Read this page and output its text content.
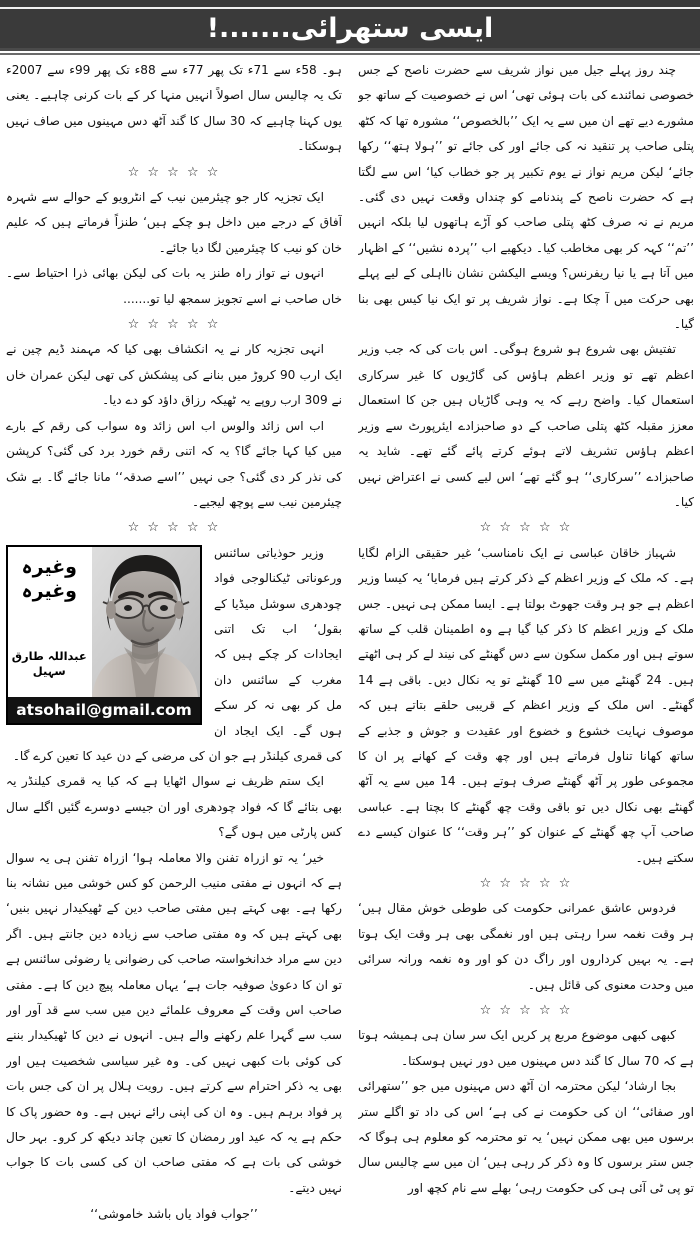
ایسی ستھرائی.......!

چند روز پہلے جیل میں نواز شریف سے حضرت ناصح کے جس خصوصی نمائندے کی بات ہوئی تھی‘ اس نے خصوصیت کے ساتھ جو مشورے دیے تھے ان میں سے یہ ایک ’’بالخصوص‘‘ مشورہ تھا کہ کٹھ پتلی صاحب پر تنقید نہ کی جائے اور کی جائے تو ’’ہولا ہتھ‘‘ رکھا جائے‘ لیکن مریم نواز نے یوم تکبیر پر جو خطاب کیا‘ اس سے لگتا ہے کہ حضرت ناصح کے پندنامے کو چنداں وقعت نہیں دی گئی۔ مریم نے نہ صرف کٹھ پتلی صاحب کو آڑے ہاتھوں لیا بلکہ انہیں ’’تم‘‘ کہہ کر بھی مخاطب کیا۔ دیکھیے اب ’’پردہ نشیں‘‘ کے اظہار میں آتا ہے یا نیا ریفرنس؟ ویسے الیکشن نشان نااہلی کے لیے پہلے بھی حرکت میں آ چکا ہے۔ نواز شریف پر تو ایک نیا کیس بھی بنا گیا۔

تفتیش بھی شروع ہو شروع ہوگی۔ اس بات کی کہ جب وزیر اعظم تھے تو وزیر اعظم ہاؤس کی گاڑیوں کا غیر سرکاری استعمال کیا۔ واضح رہے کہ یہ وہی گاڑیاں ہیں جن کا استعمال معزز مقبلہ کٹھ پتلی صاحب کے دو صاحبزادے ایئرپورٹ سے وزیر اعظم ہاؤس تشریف لاتے ہوئے کرتے پائے گئے تھے۔ شاید یہ صاحبزادے ’’سرکاری‘‘ ہو گئے تھے‘ اس لیے کسی نے اعتراض نہیں کیا۔

☆ ☆ ☆ ☆ ☆

شہباز خاقان عباسی نے ایک نامناسب‘ غیر حقیقی الزام لگایا ہے۔ کہ ملک کے وزیر اعظم کے ذکر کرتے ہیں فرمایا‘ یہ کیسا وزیر اعظم ہے جو ہر وقت جھوٹ بولتا ہے۔ ایسا ممکن ہی نہیں۔ جس ملک کے وزیر اعظم کا ذکر کیا گیا ہے وہ اطمینان قلب کے ساتھ سوتے ہیں اور مکمل سکون سے دس گھنٹے کی نیند لے کر ہی اٹھتے ہیں۔ 24 گھنٹے میں سے 10 گھنٹے تو یہ نکال دیں۔ باقی ہے 14 گھنٹے۔ اس ملک کے وزیر اعظم کے قریبی حلقے بتاتے ہیں کہ موصوف نہایت خشوع و خضوع اور عقیدت و جوش و جذبے کے ساتھ کھانا تناول فرماتے ہیں اور چھ وقت کے کھانے پر ان کا مجموعی طور پر آٹھ گھنٹے صرف ہوتے ہیں۔ 14 میں سے یہ آٹھ گھنٹے بھی نکال دیں تو باقی وقت چھ گھنٹے کا بچتا ہے۔ عباسی صاحب آپ چھ گھنٹے کے عنوان کو ’’ہر وقت‘‘ کا عنوان کیسے دے سکتے ہیں۔

☆ ☆ ☆ ☆ ☆

فردوس عاشق عمرانی حکومت کی طوطی خوش مقال ہیں‘ ہر وقت نغمہ سرا رہتی ہیں اور نغمگی بھی ہر وقت ایک ہوتا ہے۔ یہ بہیں کرداروں اور راگ دن کو اور وہ نغمہ ورانہ سرائی میں وحدت معنوی کی قائل ہیں۔

☆ ☆ ☆ ☆ ☆

کبھی کبھی موضوع مربع پر کریں ایک سر سان ہی ہمیشہ ہوتا ہے کہ 70 سال کا گند دس مہینوں میں دور نہیں ہوسکتا۔

بجا ارشاد‘ لیکن محترمہ ان آٹھ دس مہینوں میں جو ’’ستھرائی اور صفائی‘‘ ان کی حکومت نے کی ہے‘ اس کی داد تو اگلے ستر برسوں میں بھی ممکن نہیں‘ یہ تو محترمہ کو معلوم ہی ہوگا کہ جس ستر برسوں کا وہ ذکر کر رہی ہیں‘ ان میں سے چالیس سال تو پی ٹی آئی ہی کی حکومت رہی‘ بھلے سے نام کچھ اور

ہو۔ 58ء سے 71ء تک پھر 77ء سے 88ء تک پھر 99ء سے 2007ء تک یہ چالیس سال اصولاً انہیں منہا کر کے بات کرنی چاہیے۔ یعنی یوں کہنا چاہیے کہ 30 سال کا گند آٹھ دس مہینوں میں صاف نہیں ہوسکتا۔

☆ ☆ ☆ ☆ ☆

ایک تجزیہ کار جو چیئرمین نیب کے انٹرویو کے حوالے سے شہرہ آفاق کے درجے میں داخل ہو چکے ہیں‘ طنزاً فرماتے ہیں کہ علیم خان کو نیب کا چیئرمین لگا دیا جائے۔

انہوں نے تواز راہ طنز یہ بات کی لیکن بھائی ذرا احتیاط سے۔ خاں صاحب نے اسے تجویز سمجھ لیا تو.......

☆ ☆ ☆ ☆ ☆

انہی تجزیہ کار نے یہ انکشاف بھی کیا کہ مہمند ڈیم چین نے ایک ارب 90 کروڑ میں بنانے کی پیشکش کی تھی لیکن عمران خاں نے 309 ارب روپے یہ ٹھیکہ رزاق داؤد کو دے دیا۔

اب اس زائد والوس اب اس زائد وہ سواب کی رقم کے بارے میں کیا کہا جائے گا؟ یہ کہ اتنی رقم خورد برد کی گئی؟ کرپشن کی نذر کر دی گئی؟ جی نہیں ’’اسے صدقہ‘‘ مانا جائے گا۔ بے شک چیئرمین نیب سے پوچھ لیجیے۔

☆ ☆ ☆ ☆ ☆
وغیرہ وغیرہ
عبداللہ طارق سہیل
atsohail@gmail.com

وزیر حوذیاتی سائنس ورعوناتی ٹیکنالوجی فواد چودھری سوشل میڈیا کے بقول‘ اب تک اتنی ایجادات کر چکے ہیں کہ مغرب کے سائنس دان مل کر بھی نہ کر سکے ہوں گے۔ ایک ایجاد ان کی قمری کیلنڈر ہے جو ان کی مرضی کے دن عید کا تعین کرے گا۔

ایک ستم ظریف نے سوال اٹھایا ہے کہ کیا یہ قمری کیلنڈر یہ بھی بتائے گا کہ فواد چودھری اور ان جیسے دوسرے گئیں اگلے سال کس پارٹی میں ہوں گے؟

خیر‘ یہ تو ازراہ تفنن والا معاملہ ہوا‘ ازراہ تفنن ہی یہ سوال ہے کہ انہوں نے مفتی منیب الرحمن کو کس خوشی میں نشانہ بنا رکھا ہے۔ بھی کہتے ہیں مفتی صاحب دین کے ٹھیکیدار نہیں بنیں‘ بھی کہتے ہیں کہ وہ مفتی صاحب سے زیادہ دین جانتے ہیں۔ اگر دین سے مراد خدانخواستہ صاحب کی رضوانی یا رضوئی سائنس ہے تو ان کا دعویٰ صوفیہ جات ہے‘ یہاں معاملہ پیچ دین کا ہے۔ مفتی صاحب اس وقت کے معروف علمائے دین میں سب سے قد آور اور سب سے گہرا علم رکھنے والے ہیں۔ انہوں نے دین کا ٹھیکیدار بننے کی کوئی بات کبھی نہیں کی۔ وہ غیر سیاسی شخصیت ہیں اور بھی یہ ذکر احترام سے کرتے ہیں۔ رویت ہلال پر ان کی جس بات پر فواد برہم ہیں۔ وہ ان کی اپنی رائے نہیں ہے۔ وہ حضور پاک کا حکم ہے یہ کہ عید اور رمضان کا تعین چاند دیکھ کر کرو۔ بہر حال خوشی کی بات ہے کہ مفتی صاحب ان کی کسی بات کا جواب نہیں دیتے۔

’’جواب فواد یاں باشد خاموشی‘‘
